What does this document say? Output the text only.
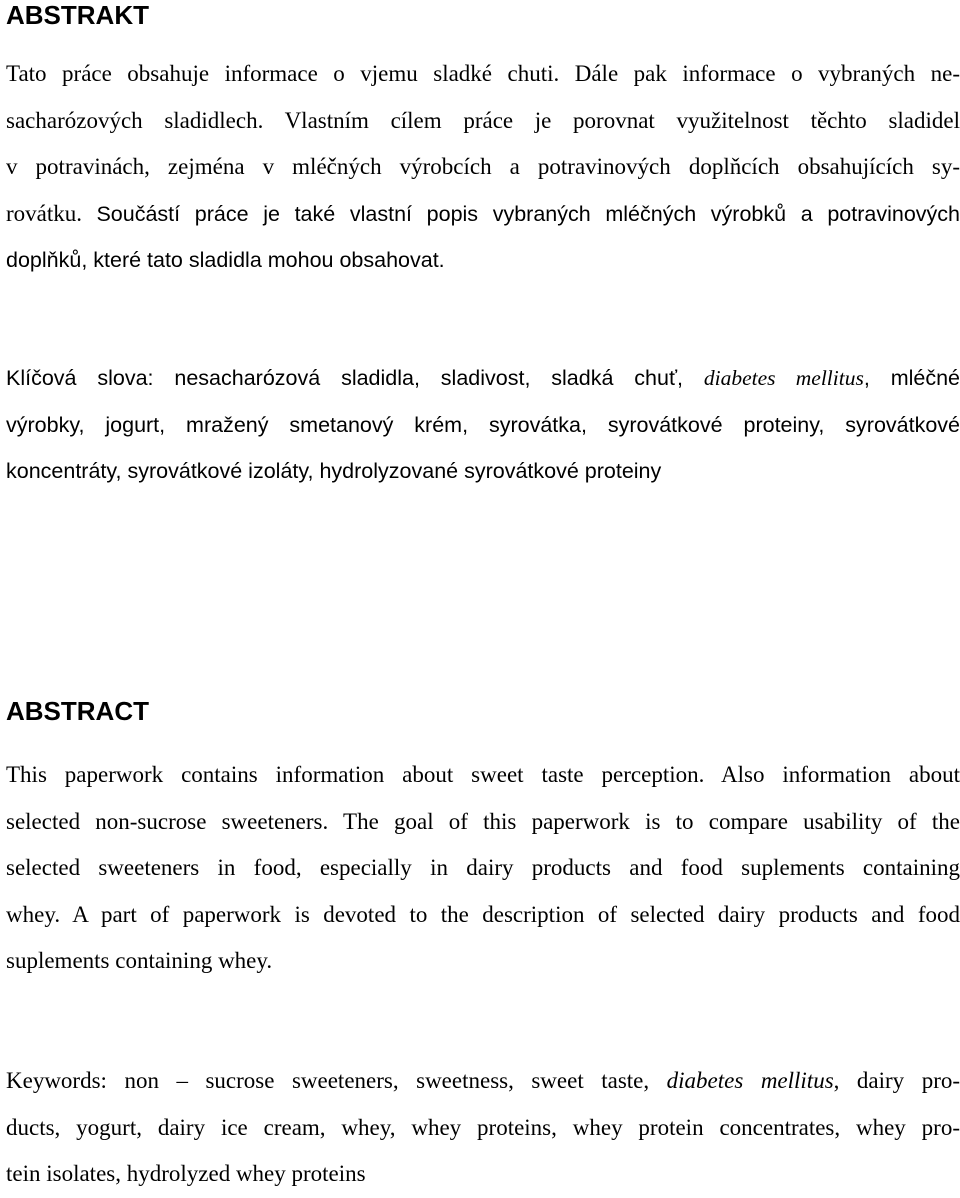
ABSTRAKT
Tato práce obsahuje informace o vjemu sladké chuti. Dále pak informace o vybraných ne-
sacharózových sladidlech. Vlastním cílem práce je porovnat využitelnost těchto sladidel
v potravinách, zejména v mléčných výrobcích a potravinových doplňcích obsahujících sy-
rovátku. Součástí práce je také vlastní popis vybraných mléčných výrobků a potravinových
doplňků, které tato sladidla mohou obsahovat.
Klíčová slova: nesacharózová sladidla, sladivost, sladká chuť, diabetes mellitus, mléčné
výrobky, jogurt, mražený smetanový krém, syrovátka, syrovátkové proteiny, syrovátkové
koncentráty, syrovátkové izoláty, hydrolyzované syrovátkové proteiny
ABSTRACT
This paperwork contains information about sweet taste perception. Also information about
selected non-sucrose sweeteners. The goal of this paperwork is to compare usability of the
selected sweeteners in food, especially in dairy products and food suplements containing
whey. A part of paperwork is devoted to the description of selected dairy products and food
suplements containing whey.
Keywords: non – sucrose sweeteners, sweetness, sweet taste, diabetes mellitus, dairy pro-
ducts, yogurt, dairy ice cream, whey, whey proteins, whey protein concentrates, whey pro-
tein isolates, hydrolyzed whey proteins
